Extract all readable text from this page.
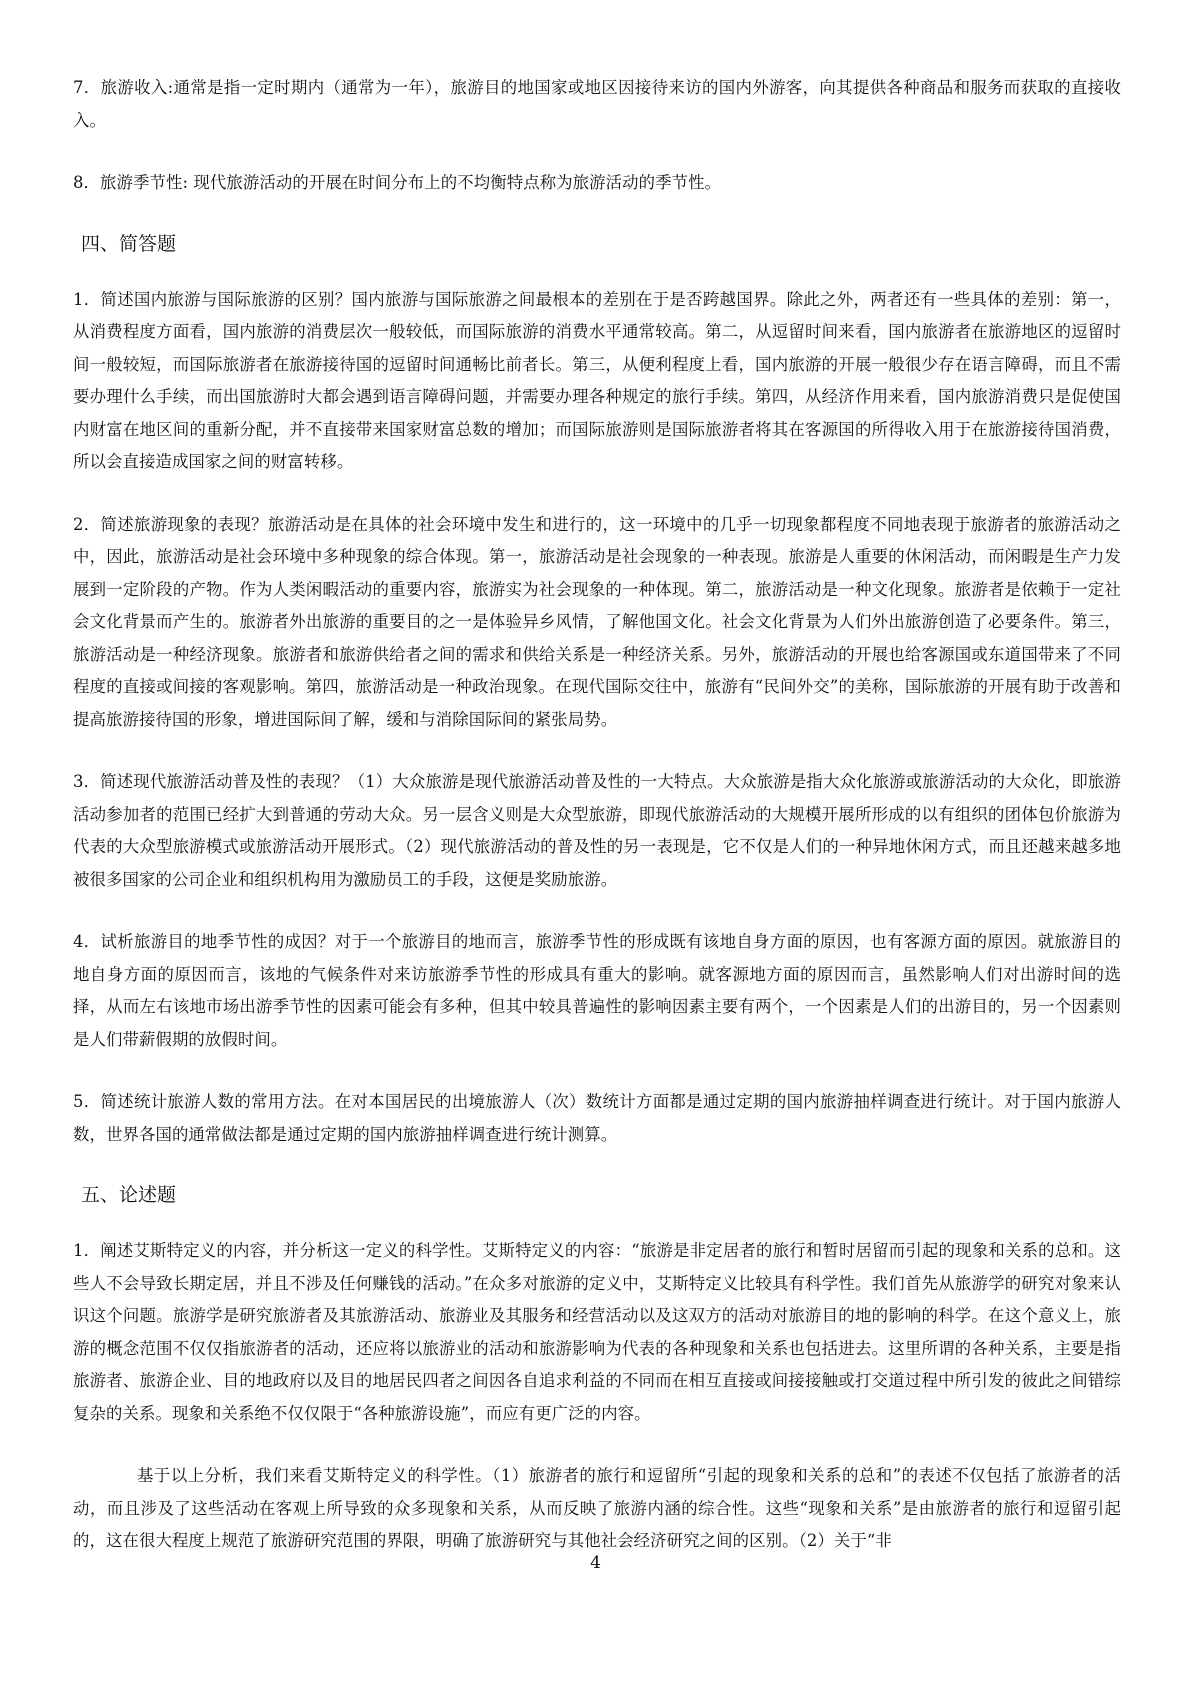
7．旅游收入:通常是指一定时期内（通常为一年），旅游目的地国家或地区因接待来访的国内外游客，向其提供各种商品和服务而获取的直接收入。

8．旅游季节性: 现代旅游活动的开展在时间分布上的不均衡特点称为旅游活动的季节性。

四、简答题

1．简述国内旅游与国际旅游的区别？国内旅游与国际旅游之间最根本的差别在于是否跨越国界。除此之外，两者还有一些具体的差别：第一，从消费程度方面看，国内旅游的消费层次一般较低，而国际旅游的消费水平通常较高。第二，从逗留时间来看，国内旅游者在旅游地区的逗留时间一般较短，而国际旅游者在旅游接待国的逗留时间通畅比前者长。第三，从便利程度上看，国内旅游的开展一般很少存在语言障碍，而且不需要办理什么手续，而出国旅游时大都会遇到语言障碍问题，并需要办理各种规定的旅行手续。第四，从经济作用来看，国内旅游消费只是促使国内财富在地区间的重新分配，并不直接带来国家财富总数的增加；而国际旅游则是国际旅游者将其在客源国的所得收入用于在旅游接待国消费，所以会直接造成国家之间的财富转移。

2．简述旅游现象的表现？旅游活动是在具体的社会环境中发生和进行的，这一环境中的几乎一切现象都程度不同地表现于旅游者的旅游活动之中，因此，旅游活动是社会环境中多种现象的综合体现。第一，旅游活动是社会现象的一种表现。旅游是人重要的休闲活动，而闲暇是生产力发展到一定阶段的产物。作为人类闲暇活动的重要内容，旅游实为社会现象的一种体现。第二，旅游活动是一种文化现象。旅游者是依赖于一定社会文化背景而产生的。旅游者外出旅游的重要目的之一是体验异乡风情，了解他国文化。社会文化背景为人们外出旅游创造了必要条件。第三，旅游活动是一种经济现象。旅游者和旅游供给者之间的需求和供给关系是一种经济关系。另外，旅游活动的开展也给客源国或东道国带来了不同程度的直接或间接的客观影响。第四，旅游活动是一种政治现象。在现代国际交往中，旅游有“民间外交”的美称，国际旅游的开展有助于改善和提高旅游接待国的形象，增进国际间了解，缓和与消除国际间的紧张局势。

3．简述现代旅游活动普及性的表现？（1）大众旅游是现代旅游活动普及性的一大特点。大众旅游是指大众化旅游或旅游活动的大众化，即旅游活动参加者的范围已经扩大到普通的劳动大众。另一层含义则是大众型旅游，即现代旅游活动的大规模开展所形成的以有组织的团体包价旅游为代表的大众型旅游模式或旅游活动开展形式。（2）现代旅游活动的普及性的另一表现是，它不仅是人们的一种异地休闲方式，而且还越来越多地被很多国家的公司企业和组织机构用为激励员工的手段，这便是奖励旅游。

4．试析旅游目的地季节性的成因？对于一个旅游目的地而言，旅游季节性的形成既有该地自身方面的原因，也有客源方面的原因。就旅游目的地自身方面的原因而言，该地的气候条件对来访旅游季节性的形成具有重大的影响。就客源地方面的原因而言，虽然影响人们对出游时间的选择，从而左右该地市场出游季节性的因素可能会有多种，但其中较具普遍性的影响因素主要有两个，一个因素是人们的出游目的，另一个因素则是人们带薪假期的放假时间。

5．简述统计旅游人数的常用方法。在对本国居民的出境旅游人（次）数统计方面都是通过定期的国内旅游抽样调查进行统计。对于国内旅游人数，世界各国的通常做法都是通过定期的国内旅游抽样调查进行统计测算。

五、论述题

1．阐述艾斯特定义的内容，并分析这一定义的科学性。艾斯特定义的内容：“旅游是非定居者的旅行和暂时居留而引起的现象和关系的总和。这些人不会导致长期定居，并且不涉及任何赚钱的活动。”在众多对旅游的定义中，艾斯特定义比较具有科学性。我们首先从旅游学的研究对象来认识这个问题。旅游学是研究旅游者及其旅游活动、旅游业及其服务和经营活动以及这双方的活动对旅游目的地的影响的科学。在这个意义上，旅游的概念范围不仅仅指旅游者的活动，还应将以旅游业的活动和旅游影响为代表的各种现象和关系也包括进去。这里所谓的各种关系，主要是指旅游者、旅游企业、目的地政府以及目的地居民四者之间因各自追求利益的不同而在相互直接或间接接触或打交道过程中所引发的彼此之间错综复杂的关系。现象和关系绝不仅仅限于“各种旅游设施”，而应有更广泛的内容。

基于以上分析，我们来看艾斯特定义的科学性。（1）旅游者的旅行和逗留所“引起的现象和关系的总和”的表述不仅包括了旅游者的活动，而且涉及了这些活动在客观上所导致的众多现象和关系，从而反映了旅游内涵的综合性。这些“现象和关系”是由旅游者的旅行和逗留引起的，这在很大程度上规范了旅游研究范围的界限，明确了旅游研究与其他社会经济研究之间的区别。（2）关于“非

4
